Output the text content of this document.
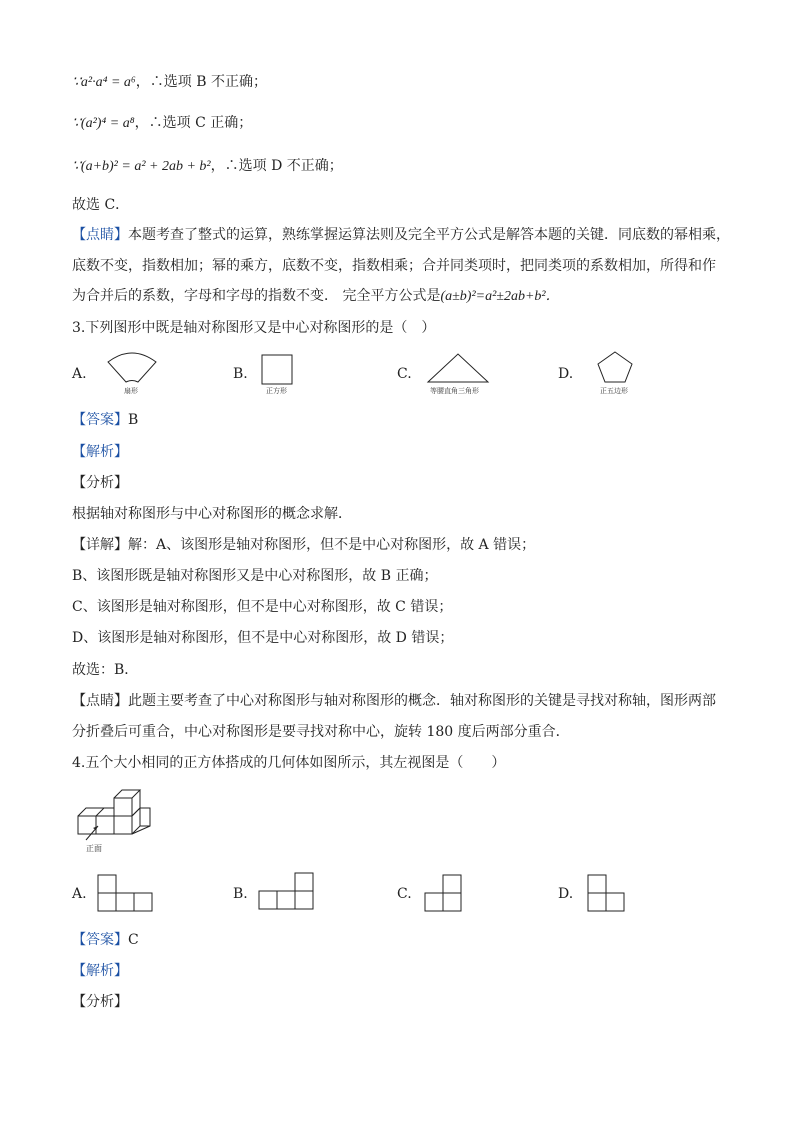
∵a²·a⁴ = a⁶，∴选项 B 不正确；
∵(a²)⁴ = a⁸，∴选项 C 正确；
∵(a+b)² = a² + 2ab + b²，∴选项 D 不正确；
故选 C．
【点睛】本题考查了整式的运算，熟练掌握运算法则及完全平方公式是解答本题的关键．同底数的幂相乘，
底数不变，指数相加；幂的乘方，底数不变，指数相乘；合并同类项时，把同类项的系数相加，所得和作
为合并后的系数，字母和字母的指数不变． 完全平方公式是(a±b)²=a²±2ab+b²．
3.下列图形中既是轴对称图形又是中心对称图形的是（　）
A.
扇形
B.
正方形
C.
等腰直角三角形
D.
正五边形
【答案】B
【解析】
【分析】
根据轴对称图形与中心对称图形的概念求解．
【详解】解：A、该图形是轴对称图形，但不是中心对称图形，故 A 错误；
B、该图形既是轴对称图形又是中心对称图形，故 B 正确；
C、该图形是轴对称图形，但不是中心对称图形，故 C 错误；
D、该图形是轴对称图形，但不是中心对称图形，故 D 错误；
故选：B．
【点睛】此题主要考查了中心对称图形与轴对称图形的概念．轴对称图形的关键是寻找对称轴，图形两部
分折叠后可重合，中心对称图形是要寻找对称中心，旋转 180 度后两部分重合．
4.五个大小相同的正方体搭成的几何体如图所示，其左视图是（　　）
正面
A.	B.	C.	D.
【答案】C
【解析】
【分析】
